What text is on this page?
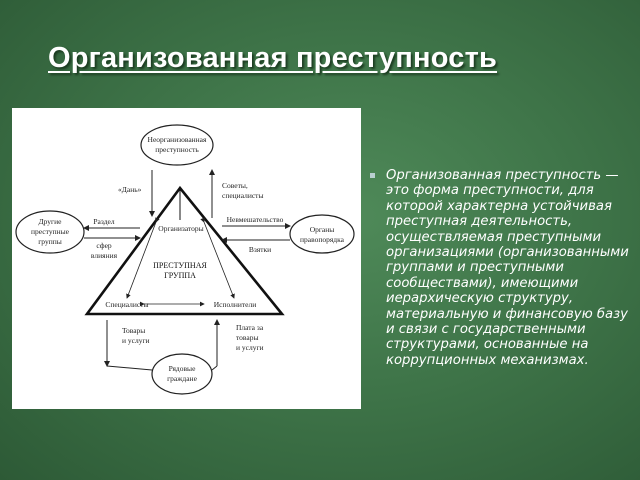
Организованная преступность
Неорганизованная
преступность
Другие
преступные
группы
Органы
правопорядка
Рядовые
граждане
Организаторы
ПРЕСТУПНАЯ
ГРУППА
Специалисты	Исполнители
«Дань»	Советы,
специалисты
Раздел
сфер
влияния
Невмешательство
Взятки
Товары
и услуги
Плата за
товары
и услуги
Организованная преступность — это форма преступности, для которой характерна устойчивая преступная деятельность, осуществляемая преступными организациями (организованными группами и преступными сообществами), имеющими иерархическую структуру, материальную и финансовую базу и связи с государственными структурами, основанные на коррупционных механизмах.
